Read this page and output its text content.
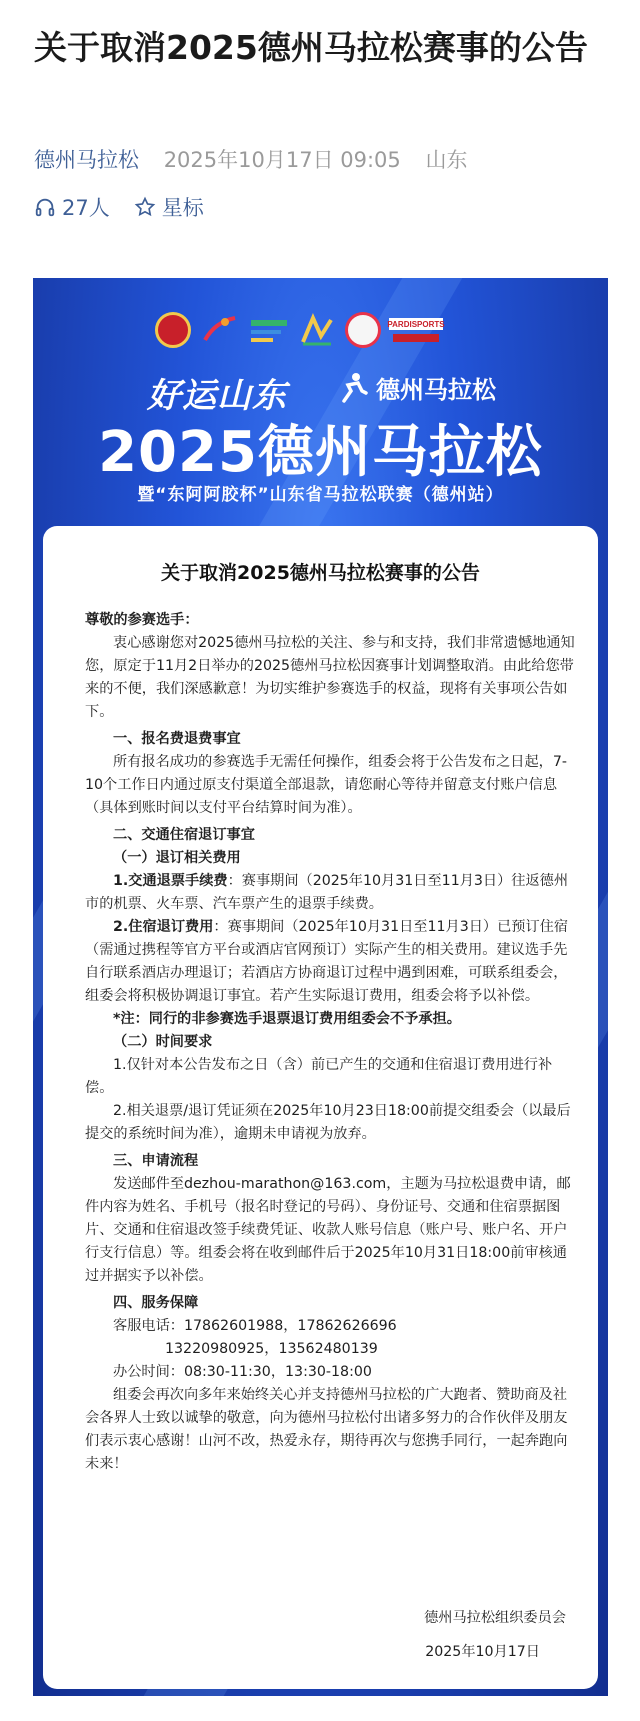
关于取消2025德州马拉松赛事的公告
德州马拉松 2025年10月17日 09:05 山东
27人 星标
PARDISPORTS
好运山东	德州马拉松
2025德州马拉松
暨“东阿阿胶杯”山东省马拉松联赛（德州站）
关于取消2025德州马拉松赛事的公告
尊敬的参赛选手：
衷心感谢您对2025德州马拉松的关注、参与和支持，我们非常遗憾地通知您，原定于11月2日举办的2025德州马拉松因赛事计划调整取消。由此给您带来的不便，我们深感歉意！为切实维护参赛选手的权益，现将有关事项公告如下。
一、报名费退费事宜
所有报名成功的参赛选手无需任何操作，组委会将于公告发布之日起，7-10个工作日内通过原支付渠道全部退款，请您耐心等待并留意支付账户信息（具体到账时间以支付平台结算时间为准）。
二、交通住宿退订事宜
（一）退订相关费用
1.交通退票手续费：赛事期间（2025年10月31日至11月3日）往返德州市的机票、火车票、汽车票产生的退票手续费。
2.住宿退订费用：赛事期间（2025年10月31日至11月3日）已预订住宿（需通过携程等官方平台或酒店官网预订）实际产生的相关费用。建议选手先自行联系酒店办理退订；若酒店方协商退订过程中遇到困难，可联系组委会，组委会将积极协调退订事宜。若产生实际退订费用，组委会将予以补偿。
*注：同行的非参赛选手退票退订费用组委会不予承担。
（二）时间要求
1.仅针对本公告发布之日（含）前已产生的交通和住宿退订费用进行补偿。
2.相关退票/退订凭证须在2025年10月23日18:00前提交组委会（以最后提交的系统时间为准），逾期未申请视为放弃。
三、申请流程
发送邮件至dezhou-marathon@163.com，主题为马拉松退费申请，邮件内容为姓名、手机号（报名时登记的号码）、身份证号、交通和住宿票据图片、交通和住宿退改签手续费凭证、收款人账号信息（账户号、账户名、开户行支行信息）等。组委会将在收到邮件后于2025年10月31日18:00前审核通过并据实予以补偿。
四、服务保障
客服电话：17862601988，17862626696
13220980925，13562480139
办公时间：08:30-11:30，13:30-18:00
组委会再次向多年来始终关心并支持德州马拉松的广大跑者、赞助商及社会各界人士致以诚挚的敬意，向为德州马拉松付出诸多努力的合作伙伴及朋友们表示衷心感谢！山河不改，热爱永存，期待再次与您携手同行，一起奔跑向未来！
德州马拉松组织委员会
2025年10月17日
